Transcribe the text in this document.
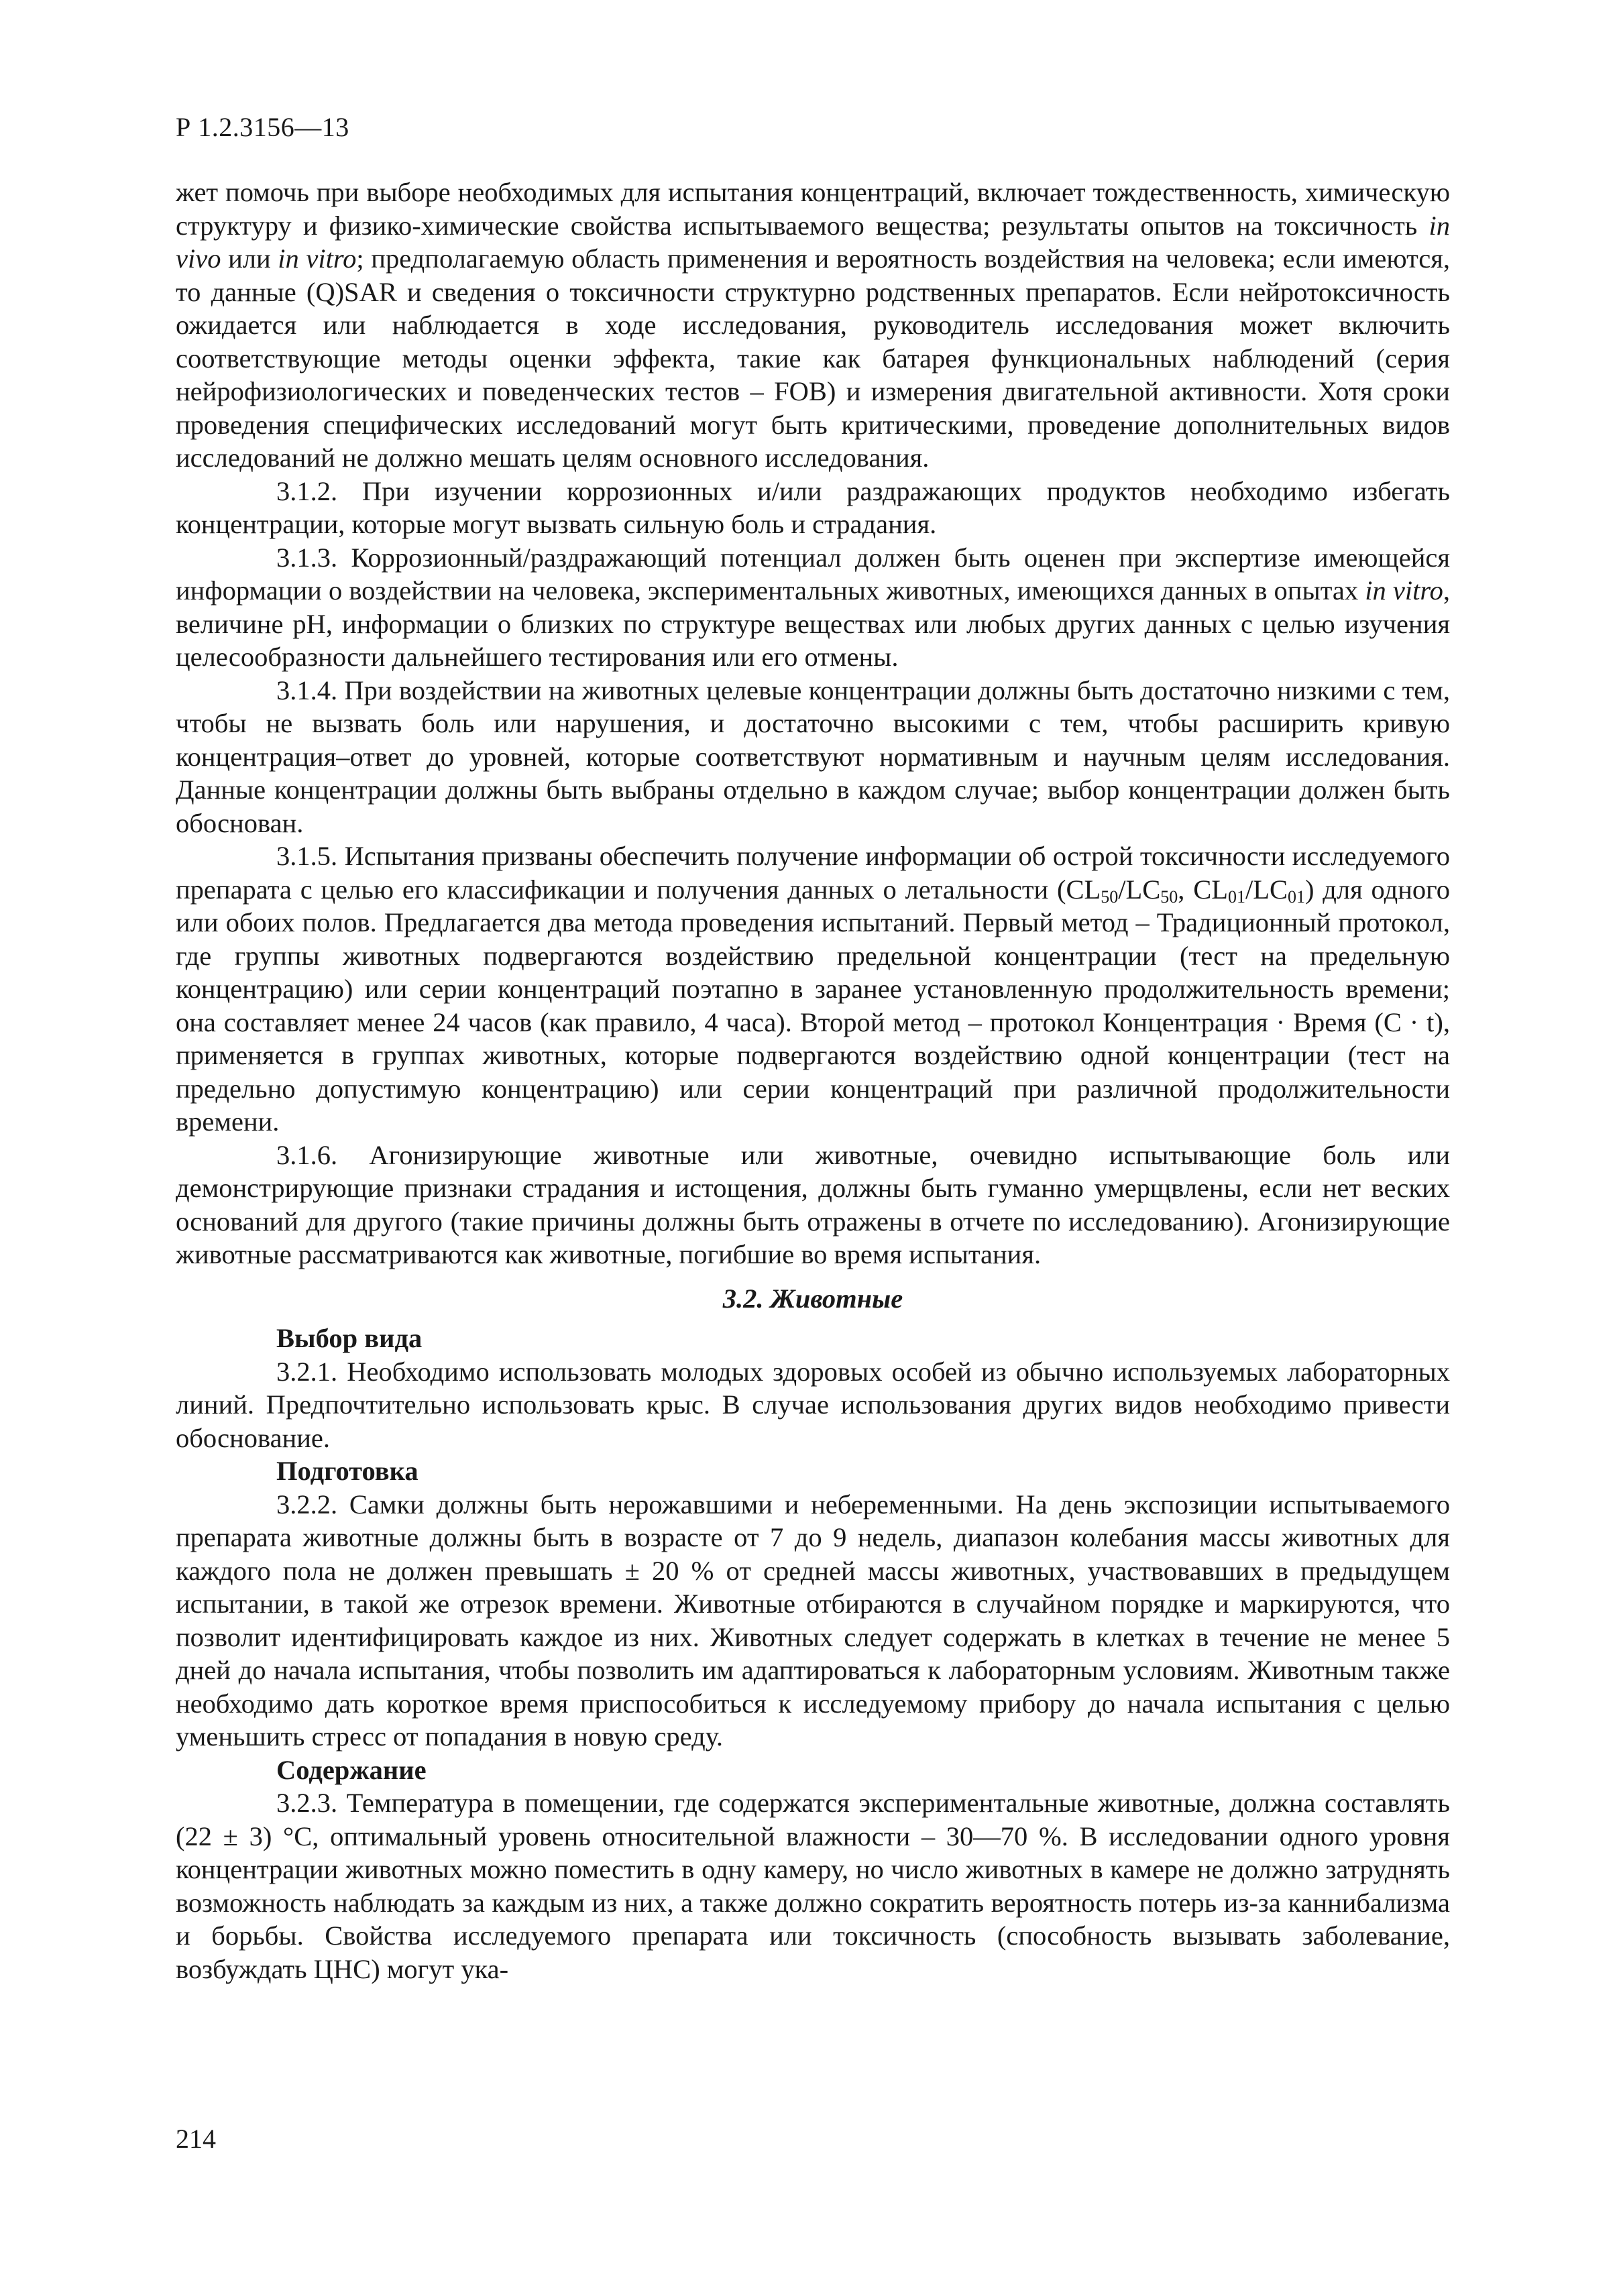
Р 1.2.3156—13

жет помочь при выборе необходимых для испытания концентраций, включает тождественность, химическую структуру и физико-химические свойства испытываемого вещества; результаты опытов на токсичность in vivo или in vitro; предполагаемую область применения и вероятность воздействия на человека; если имеются, то данные (Q)SAR и сведения о токсичности структурно родственных препаратов. Если нейротоксичность ожидается или наблюдается в ходе исследования, руководитель исследования может включить соответствующие методы оценки эффекта, такие как батарея функциональных наблюдений (серия нейрофизиологических и поведенческих тестов – FOB) и измерения двигательной активности. Хотя сроки проведения специфических исследований могут быть критическими, проведение дополнительных видов исследований не должно мешать целям основного исследования.

3.1.2. При изучении коррозионных и/или раздражающих продуктов необходимо избегать концентрации, которые могут вызвать сильную боль и страдания.

3.1.3. Коррозионный/раздражающий потенциал должен быть оценен при экспертизе имеющейся информации о воздействии на человека, экспериментальных животных, имеющихся данных в опытах in vitro, величине pH, информации о близких по структуре веществах или любых других данных с целью изучения целесообразности дальнейшего тестирования или его отмены.

3.1.4. При воздействии на животных целевые концентрации должны быть достаточно низкими с тем, чтобы не вызвать боль или нарушения, и достаточно высокими с тем, чтобы расширить кривую концентрация–ответ до уровней, которые соответствуют нормативным и научным целям исследования. Данные концентрации должны быть выбраны отдельно в каждом случае; выбор концентрации должен быть обоснован.

3.1.5. Испытания призваны обеспечить получение информации об острой токсичности исследуемого препарата с целью его классификации и получения данных о летальности ($CL_{50}/LC_{50}$, $CL_{01}/LC_{01}$) для одного или обоих полов. Предлагается два метода проведения испытаний. Первый метод – Традиционный протокол, где группы животных подвергаются воздействию предельной концентрации (тест на предельную концентрацию) или серии концентраций поэтапно в заранее установленную продолжительность времени; она составляет менее 24 часов (как правило, 4 часа). Второй метод – протокол Концентрация · Время (C · t), применяется в группах животных, которые подвергаются воздействию одной концентрации (тест на предельно допустимую концентрацию) или серии концентраций при различной продолжительности времени.

3.1.6. Агонизирующие животные или животные, очевидно испытывающие боль или демонстрирующие признаки страдания и истощения, должны быть гуманно умерщвлены, если нет веских оснований для другого (такие причины должны быть отражены в отчете по исследованию). Агонизирующие животные рассматриваются как животные, погибшие во время испытания.

3.2. Животные
Выбор вида

3.2.1. Необходимо использовать молодых здоровых особей из обычно используемых лабораторных линий. Предпочтительно использовать крыс. В случае использования других видов необходимо привести обоснование.

Подготовка

3.2.2. Самки должны быть нерожавшими и небеременными. На день экспозиции испытываемого препарата животные должны быть в возрасте от 7 до 9 недель, диапазон колебания массы животных для каждого пола не должен превышать ± 20 % от средней массы животных, участвовавших в предыдущем испытании, в такой же отрезок времени. Животные отбираются в случайном порядке и маркируются, что позволит идентифицировать каждое из них. Животных следует содержать в клетках в течение не менее 5 дней до начала испытания, чтобы позволить им адаптироваться к лабораторным условиям. Животным также необходимо дать короткое время приспособиться к исследуемому прибору до начала испытания с целью уменьшить стресс от попадания в новую среду.

Содержание

3.2.3. Температура в помещении, где содержатся экспериментальные животные, должна составлять (22 ± 3) °С, оптимальный уровень относительной влажности – 30—70 %. В исследовании одного уровня концентрации животных можно поместить в одну камеру, но число животных в камере не должно затруднять возможность наблюдать за каждым из них, а также должно сократить вероятность потерь из-за каннибализма и борьбы. Свойства исследуемого препарата или токсичность (способность вызывать заболевание, возбуждать ЦНС) могут ука-

214
